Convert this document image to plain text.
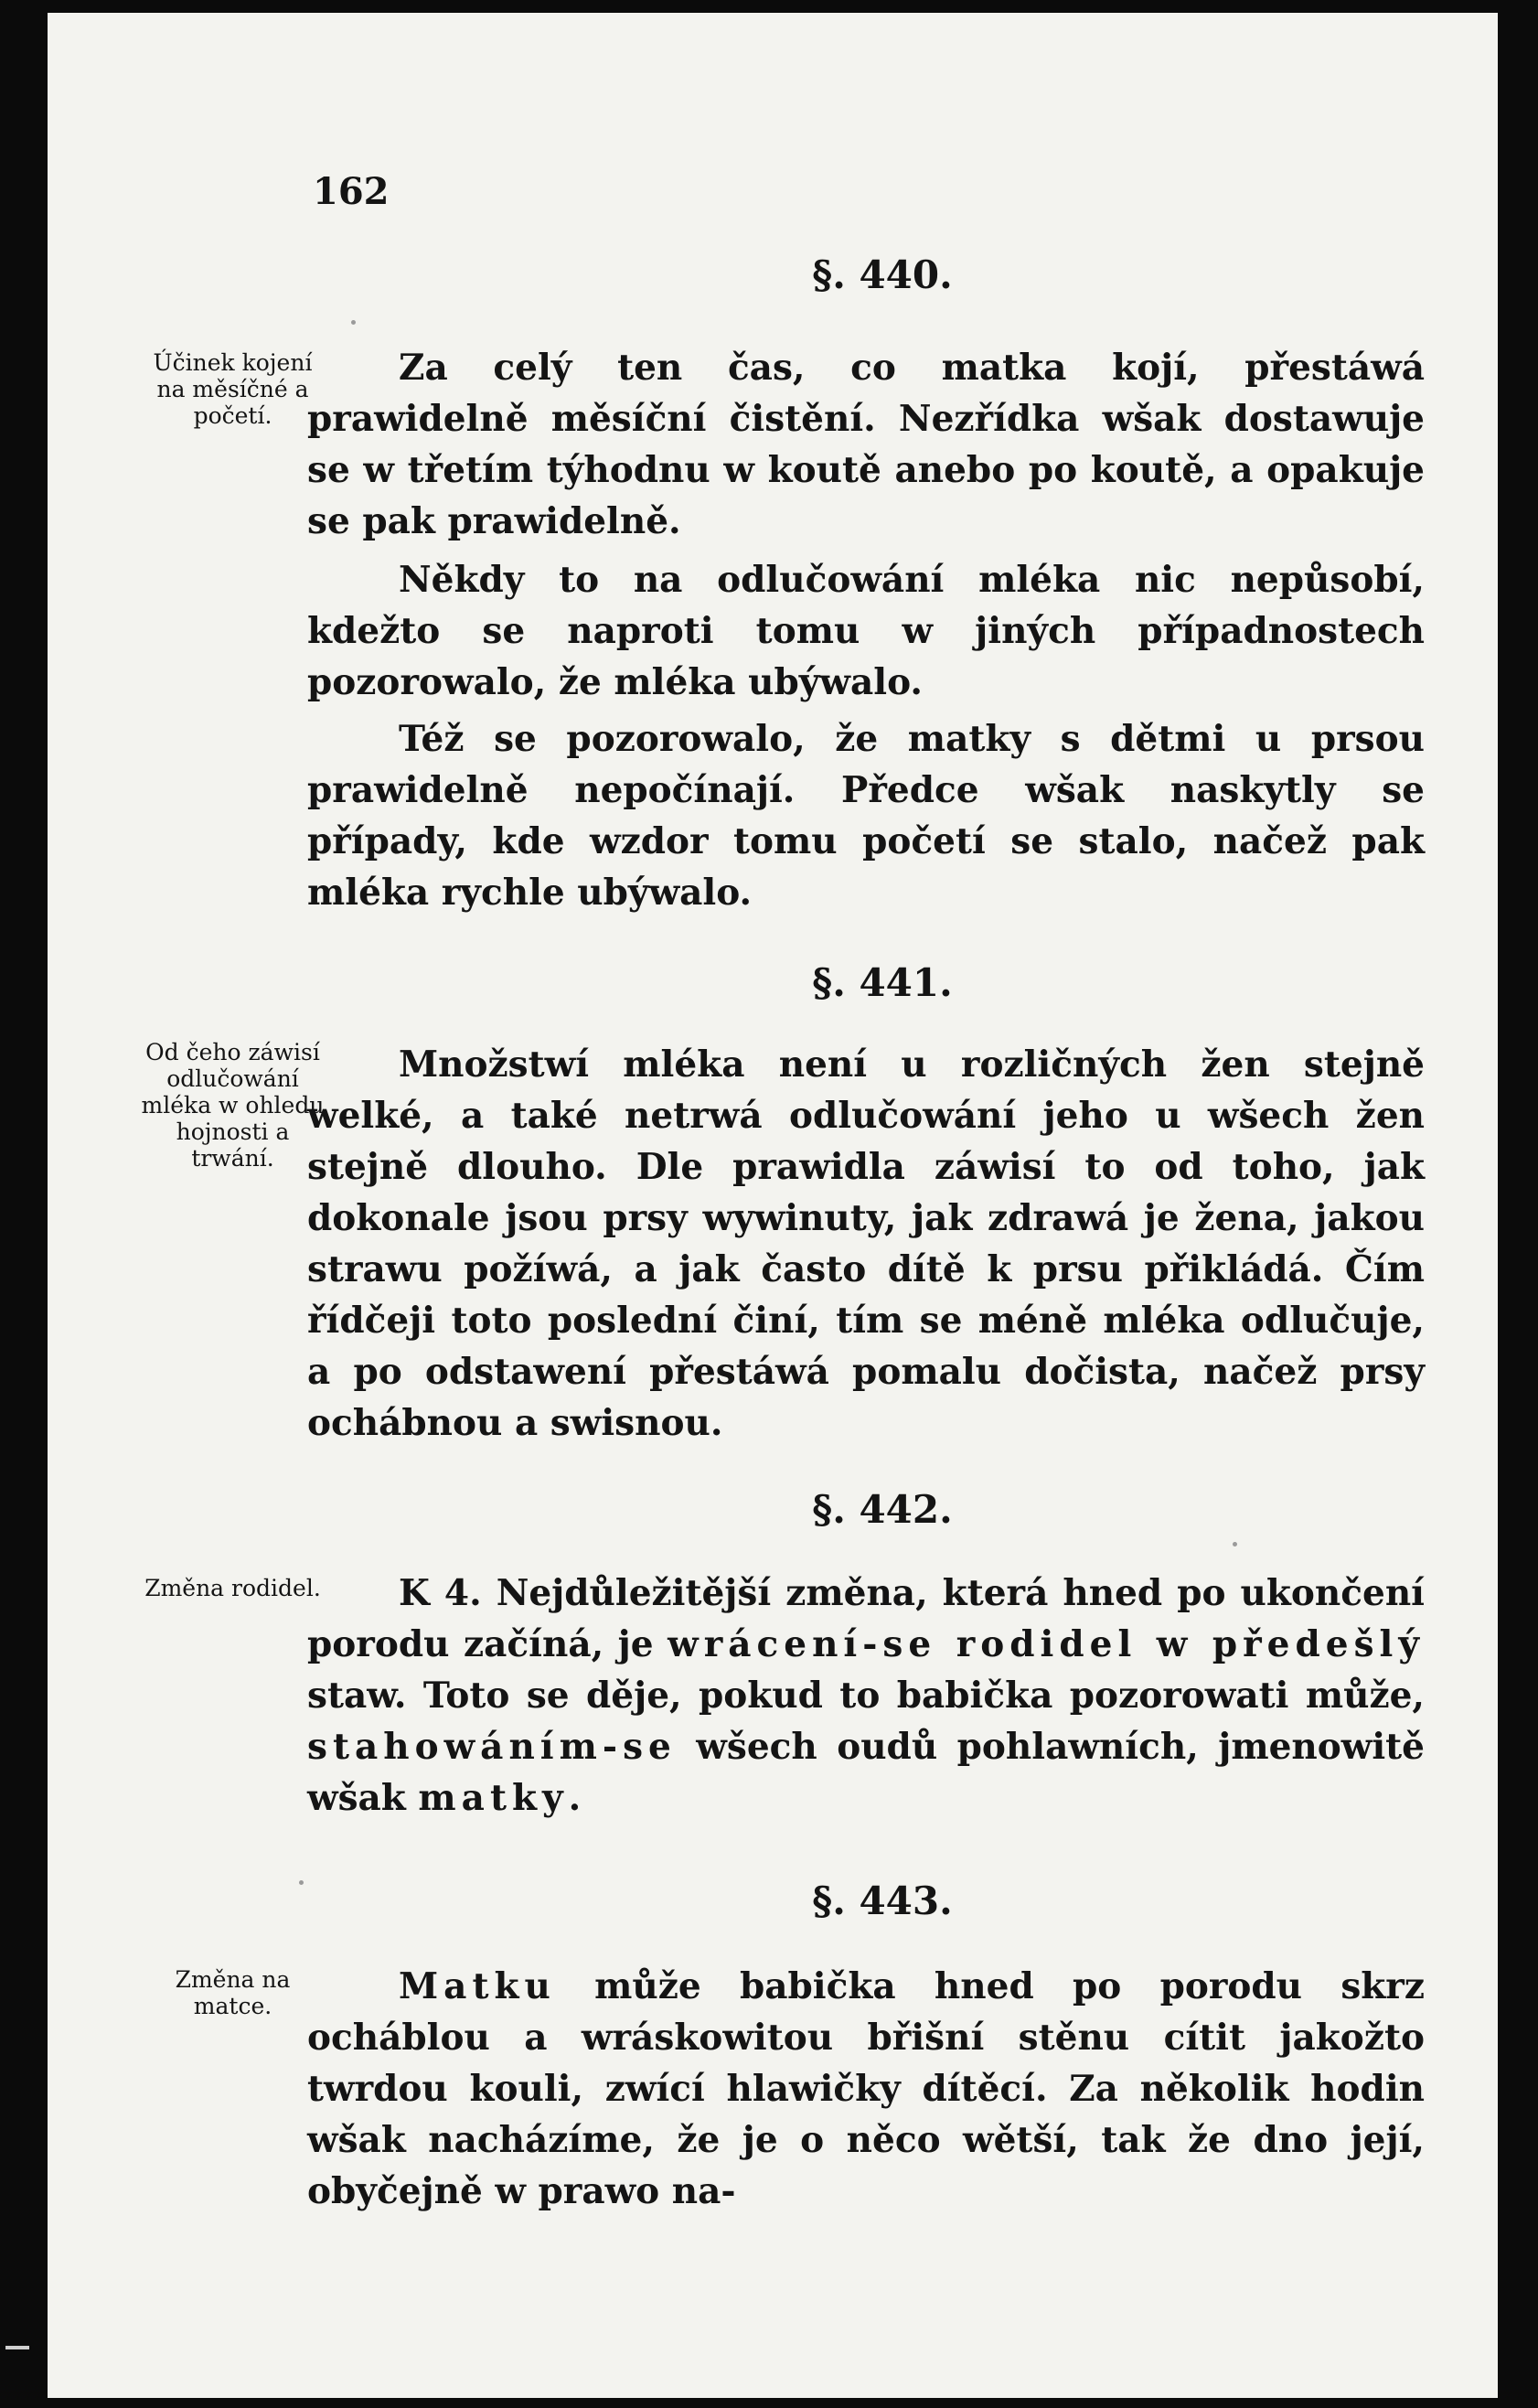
162
§. 440.
Účinek kojení na měsíčné a početí.

Za celý ten čas, co matka kojí, přestáwá prawidelně měsíční čistění. Nezřídka wšak dostawuje se w třetím týhodnu w koutě anebo po koutě, a opakuje se pak prawidelně.

Někdy to na odlučowání mléka nic nepůsobí, kdežto se naproti tomu w jiných případnostech pozorowalo, že mléka ubýwalo.

Též se pozorowalo, že matky s dětmi u prsou prawidelně nepočínají. Předce wšak naskytly se případy, kde wzdor tomu početí se stalo, načež pak mléka rychle ubýwalo.

§. 441.
Od čeho záwisí odlučowání mléka w ohledu hojnosti a trwání.

Množstwí mléka není u rozličných žen stejně welké, a také netrwá odlučowání jeho u wšech žen stejně dlouho. Dle prawidla záwisí to od toho, jak dokonale jsou prsy wywinuty, jak zdrawá je žena, jakou strawu požíwá, a jak často dítě k prsu přikládá. Čím řídčeji toto poslední činí, tím se méně mléka odlučuje, a po odstawení přestáwá pomalu dočista, načež prsy ochábnou a swisnou.

§. 442.
Změna rodidel.	K 4. Nejdůležitější změna, která hned po ukončení porodu začíná, je wrácení-se rodidel w předešlý staw. Toto se děje, pokud to babička pozorowati může, stahowáním-se wšech oudů pohlawních, jmenowitě wšak matky.

§. 443.
Změna na matce.	Matku může babička hned po porodu skrz ocháblou a wráskowitou břišní stěnu cítit jakožto twrdou kouli, zwící hlawičky dítěcí. Za několik hodin wšak nacházíme, že je o něco wětší, tak že dno její, obyčejně w prawo na-
